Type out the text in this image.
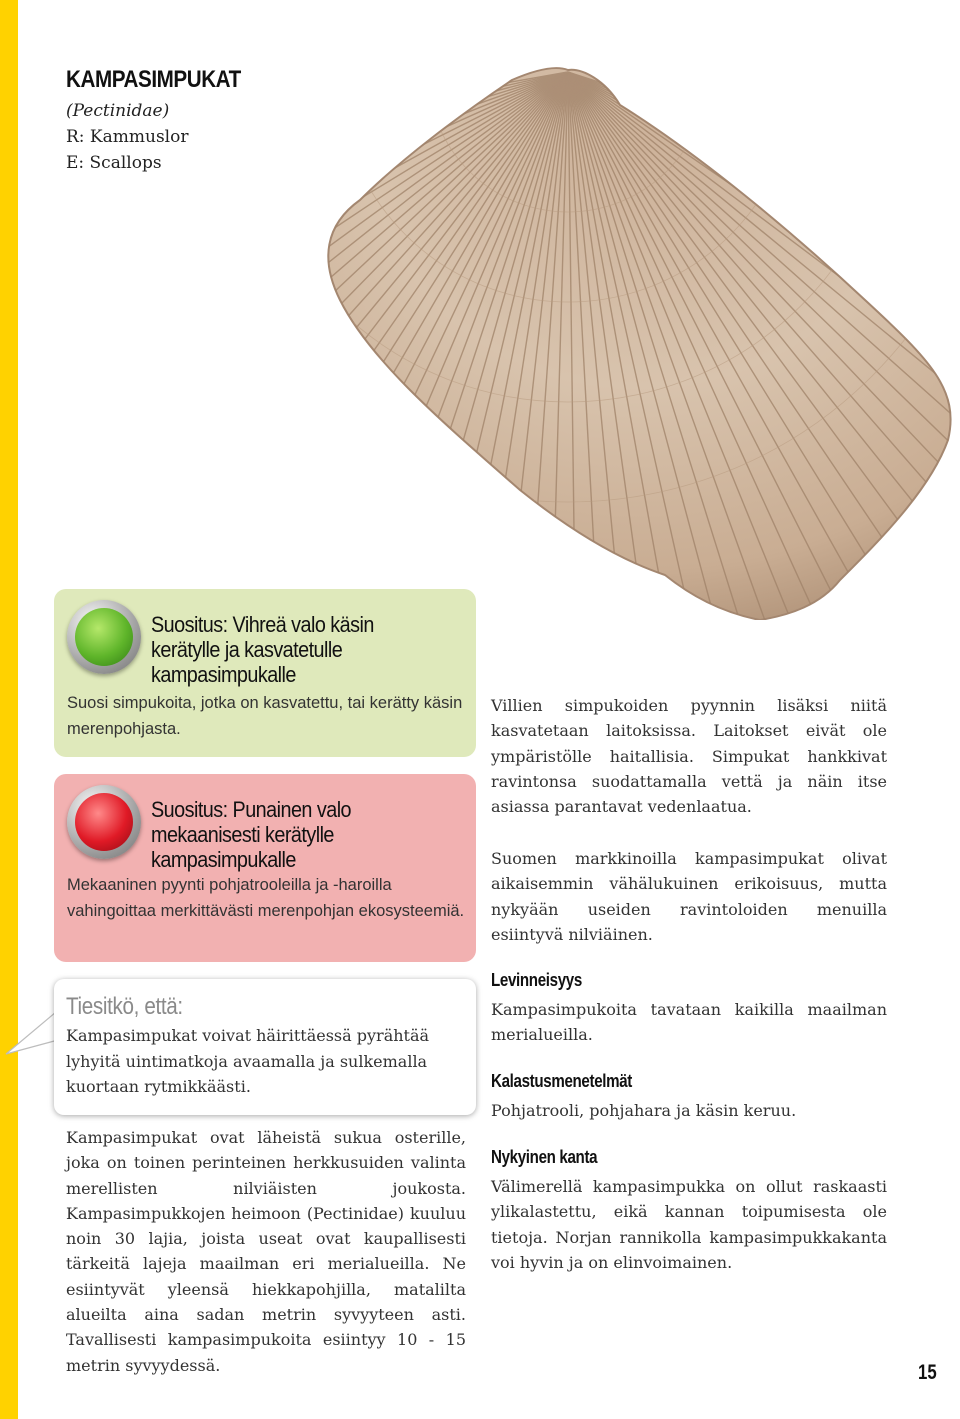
KAMPASIMPUKAT
(Pectinidae)
R: Kammuslor
E: Scallops
Suositus: Vihreä valo käsin kerätylle ja kasvatetulle kampasimpukalle
Suosi simpukoita, jotka on kasvatettu, tai kerätty käsin merenpohjasta.
Suositus: Punainen valo mekaanisesti kerätylle kampasimpukalle
Mekaaninen pyynti pohjatrooleilla ja -haroilla vahingoittaa merkittävästi merenpohjan ekosysteemiä.
Tiesitkö, että:
Kampasimpukat voivat häirittäessä pyrähtää lyhyitä uintimatkoja avaamalla ja sulkemalla kuortaan rytmikkäästi.
Kampasimpukat ovat läheistä sukua osterille, joka on toinen perinteinen herkkusuiden valinta merellisten nilviäisten joukosta. Kampasimpukkojen heimoon (Pectinidae) kuuluu noin 30 lajia, joista useat ovat kaupallisesti tärkeitä lajeja maailman eri merialueilla. Ne esiintyvät yleensä hiekkapohjilla, matalilta alueilta aina sadan metrin syvyyteen asti. Tavallisesti kampasimpukoita esiintyy 10 - 15 metrin syvyydessä.
Villien simpukoiden pyynnin lisäksi niitä kasvatetaan laitoksissa. Laitokset eivät ole ympäristölle haitallisia. Simpukat hankkivat ravintonsa suodattamalla vettä ja näin itse asiassa parantavat vedenlaatua.
Suomen markkinoilla kampasimpukat olivat aikaisemmin vähälukuinen erikoisuus, mutta nykyään useiden ravintoloiden menuilla esiintyvä nilviäinen.
Levinneisyys
Kampasimpukoita tavataan kaikilla maailman merialueilla.
Kalastusmenetelmät
Pohjatrooli, pohjahara ja käsin keruu.
Nykyinen kanta
Välimerellä kampasimpukka on ollut raskaasti ylikalastettu, eikä kannan toipumisesta ole tietoja. Norjan rannikolla kampasimpukkakanta voi hyvin ja on elinvoimainen.
15
